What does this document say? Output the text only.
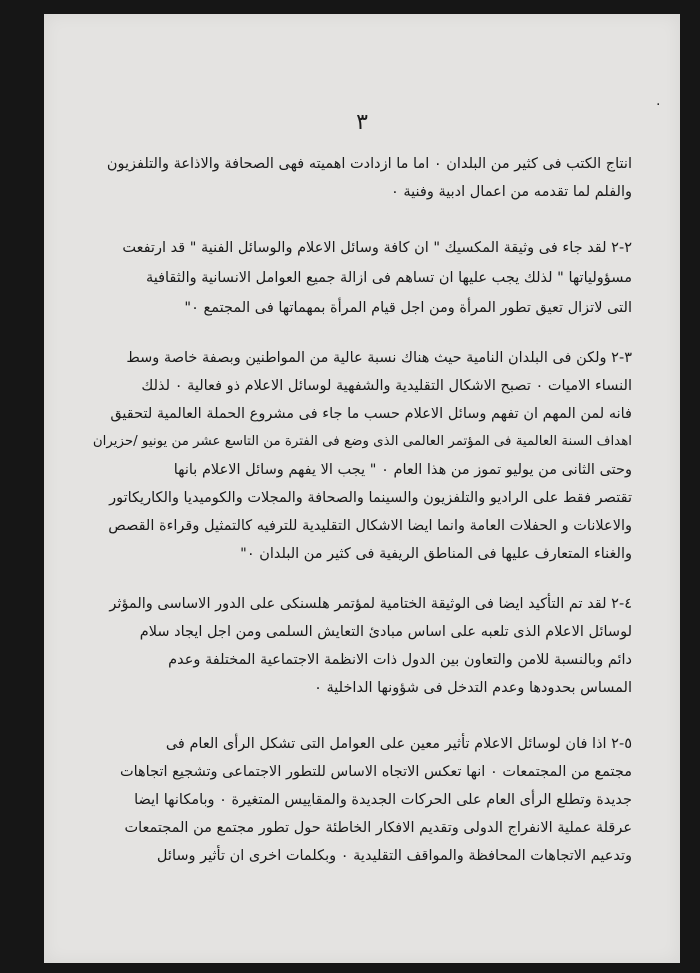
٣
٠
انتاج الكتب فى كثير من البلدان ٠ اما ما ازدادت اهميته فهى الصحافة والاذاعة والتلفزيون
والفلم لما تقدمه من اعمال ادبية وفنية ٠
٢-٢ لقد جاء فى وثيقة المكسيك " ان كافة وسائل الاعلام والوسائل الفنية " قد ارتفعت
مسؤولياتها " لذلك يجب عليها ان تساهم فى ازالة جميع العوامل الانسانية والثقافية
التى لاتزال تعيق تطور المرأة ومن اجل قيام المرأة بمهماتها فى المجتمع ٠"
٣-٢ ولكن فى البلدان النامية حيث هناك نسبة عالية من المواطنين وبصفة خاصة وسط
النساء الاميات ٠ تصبح الاشكال التقليدية والشفهية لوسائل الاعلام ذو فعالية ٠ لذلك
فانه لمن المهم ان تفهم وسائل الاعلام حسب ما جاء فى مشروع الحملة العالمية لتحقيق
اهداف السنة العالمية فى المؤتمر العالمى الذى وضع فى الفترة من التاسع عشر من يونيو /حزيران
وحتى الثانى من يوليو تموز من هذا العام ٠ " يجب الا يفهم وسائل الاعلام بانها
تقتصر فقط على الراديو والتلفزيون والسينما والصحافة والمجلات والكوميديا والكاريكاتور
والاعلانات و الحفلات العامة وانما ايضا الاشكال التقليدية للترفيه كالتمثيل وقراءة القصص
والغناء المتعارف عليها فى المناطق الريفية فى كثير من البلدان ٠"
٤-٢ لقد تم التأكيد ايضا فى الوثيقة الختامية لمؤتمر هلسنكى على الدور الاساسى والمؤثر
لوسائل الاعلام الذى تلعبه على اساس مبادئ التعايش السلمى ومن اجل ايجاد سلام
دائم وبالنسبة للامن والتعاون بين الدول ذات الانظمة الاجتماعية المختلفة وعدم
المساس بحدودها وعدم التدخل فى شؤونها الداخلية ٠
٥-٢ اذا فان لوسائل الاعلام تأثير معين على العوامل التى تشكل الرأى العام فى
مجتمع من المجتمعات ٠ انها تعكس الاتجاه الاساس للتطور الاجتماعى وتشجيع اتجاهات
جديدة وتطلع الرأى العام على الحركات الجديدة والمقاييس المتغيرة ٠ وبامكانها ايضا
عرقلة عملية الانفراج الدولى وتقديم الافكار الخاطئة حول تطور مجتمع من المجتمعات
وتدعيم الاتجاهات المحافظة والمواقف التقليدية ٠ وبكلمات اخرى ان تأثير وسائل
